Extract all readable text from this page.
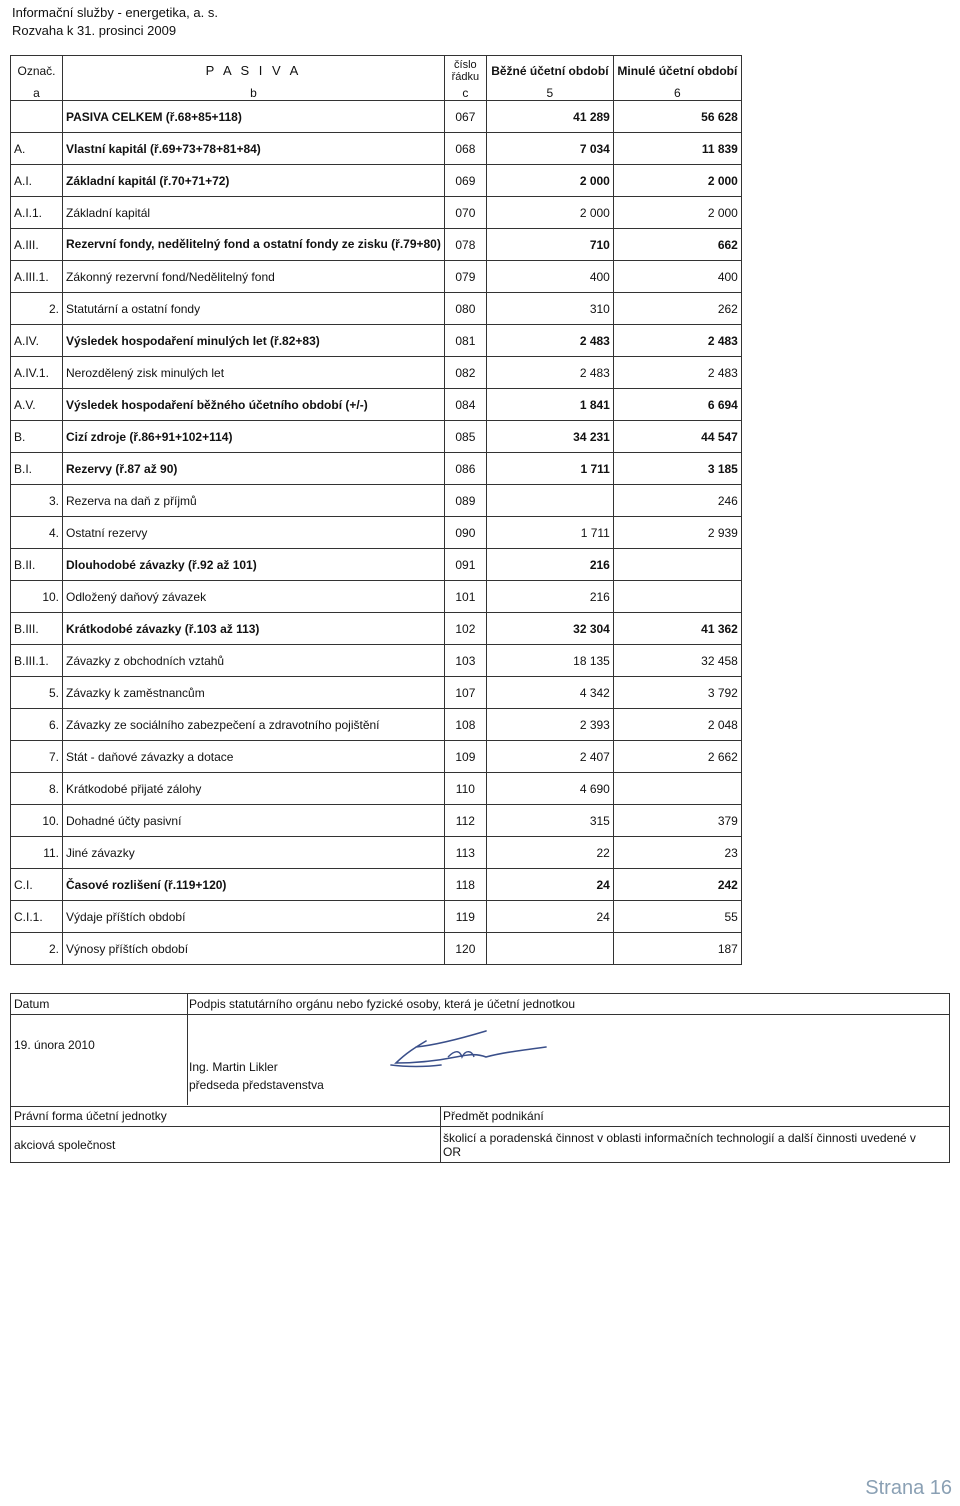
Informační služby - energetika, a. s.
Rozvaha k 31. prosinci 2009
Označ.	P A S I V A	číslo řádku	Běžné účetní období	Minulé účetní období
a	b	c	5	6
	PASIVA CELKEM (ř.68+85+118)	067	41 289	56 628
A.	Vlastní kapitál (ř.69+73+78+81+84)	068	7 034	11 839
A.I.	Základní kapitál (ř.70+71+72)	069	2 000	2 000
A.I.1.	Základní kapitál	070	2 000	2 000
A.III.	Rezervní fondy, nedělitelný fond a ostatní fondy ze zisku (ř.79+80)	078	710	662
A.III.1.	Zákonný rezervní fond/Nedělitelný fond	079	400	400
2.	Statutární a ostatní fondy	080	310	262
A.IV.	Výsledek hospodaření minulých let (ř.82+83)	081	2 483	2 483
A.IV.1.	Nerozdělený zisk minulých let	082	2 483	2 483
A.V.	Výsledek hospodaření běžného účetního období (+/-)	084	1 841	6 694
B.	Cizí zdroje (ř.86+91+102+114)	085	34 231	44 547
B.I.	Rezervy (ř.87 až 90)	086	1 711	3 185
3.	Rezerva na daň z příjmů	089		246
4.	Ostatní rezervy	090	1 711	2 939
B.II.	Dlouhodobé závazky (ř.92 až 101)	091	216	
10.	Odložený daňový závazek	101	216	
B.III.	Krátkodobé závazky (ř.103 až 113)	102	32 304	41 362
B.III.1.	Závazky z obchodních vztahů	103	18 135	32 458
5.	Závazky k zaměstnancům	107	4 342	3 792
6.	Závazky ze sociálního zabezpečení a zdravotního pojištění	108	2 393	2 048
7.	Stát - daňové závazky a dotace	109	2 407	2 662
8.	Krátkodobé přijaté zálohy	110	4 690	
10.	Dohadné účty pasivní	112	315	379
11.	Jiné závazky	113	22	23
C.I.	Časové rozlišení (ř.119+120)	118	24	242
C.I.1.	Výdaje příštích období	119	24	55
2.	Výnosy příštích období	120		187
Datum	Podpis statutárního orgánu nebo fyzické osoby, která je účetní jednotkou
19. února 2010
Ing. Martin Likler
předseda představenstva
Právní forma účetní jednotky
akciová společnost
Předmět podnikání
školicí a poradenská činnost v oblasti informačních technologií a další činnosti uvedené v OR
Strana 16
